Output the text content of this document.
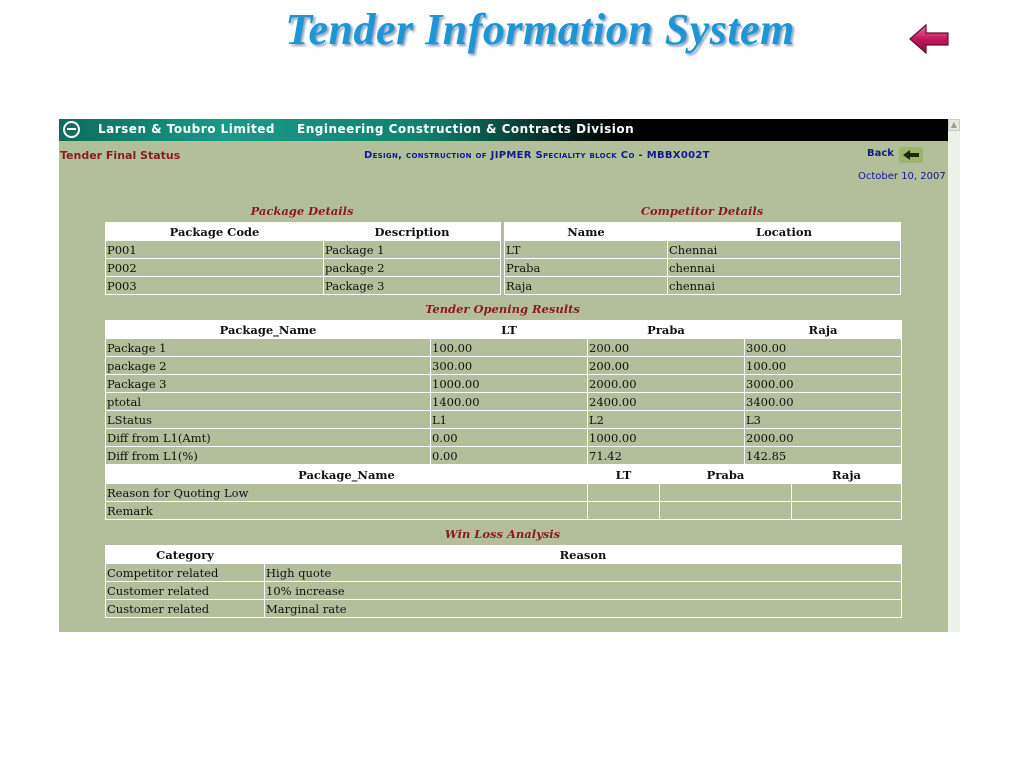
Tender Information System
Larsen & Toubro Limited Engineering Construction & Contracts Division
Tender Final Status	Design, construction of JIPMER Speciality block Co - MBBX002T	Back
October 10, 2007
Package Details
Package Code	Description
P001	Package 1
P002	package 2
P003	Package 3
Competitor Details
Name	Location
LT	Chennai
Praba	chennai
Raja	chennai
Tender Opening Results
Package_Name	LT	Praba	Raja
Package 1	100.00	200.00	300.00
package 2	300.00	200.00	100.00
Package 3	1000.00	2000.00	3000.00
ptotal	1400.00	2400.00	3400.00
LStatus	L1	L2	L3
Diff from L1(Amt)	0.00	1000.00	2000.00
Diff from L1(%)	0.00	71.42	142.85
Package_Name	LT	Praba	Raja
Reason for Quoting Low			
Remark			
Win Loss Analysis
Category	Reason
Competitor related	High quote
Customer related	10% increase
Customer related	Marginal rate
▲
